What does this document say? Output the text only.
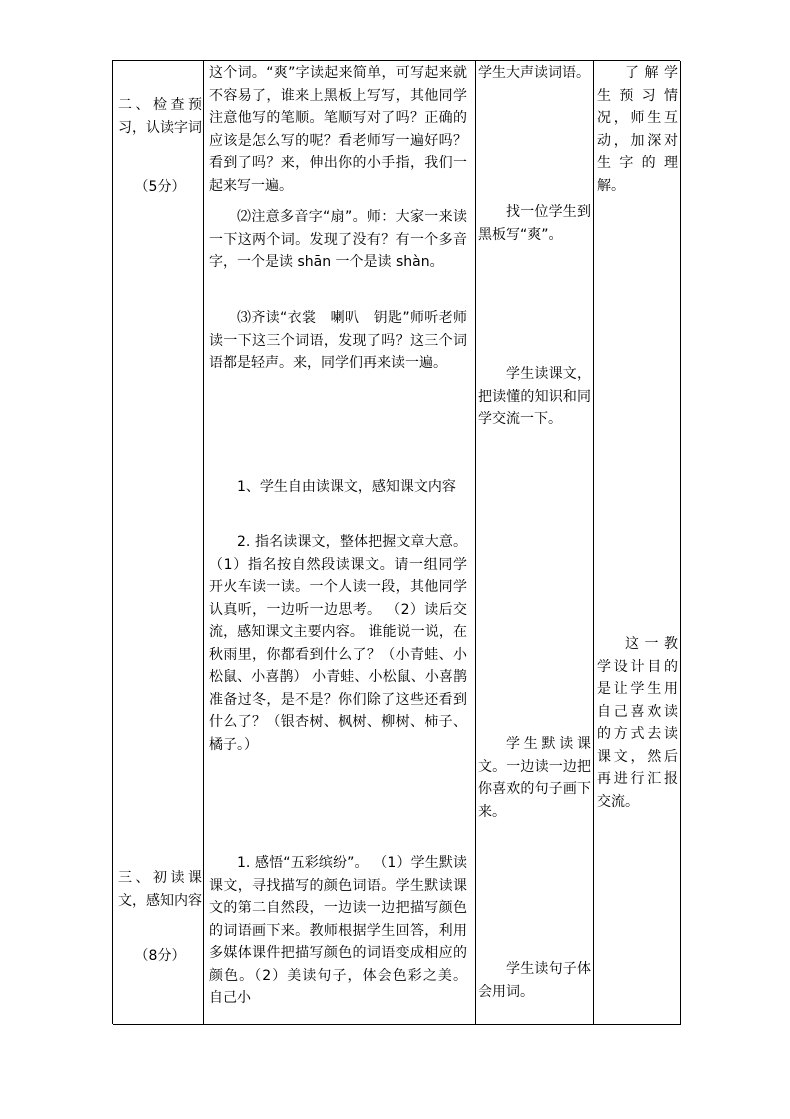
二、检查预习，认读字词
（5分）
三、初读课文，感知内容
（8分）
这个词。“爽”字读起来简单，可写起来就不容易了，谁来上黑板上写写，其他同学注意他写的笔顺。笔顺写对了吗？正确的应该是怎么写的呢？看老师写一遍好吗？看到了吗？来，伸出你的小手指，我们一起来写一遍。
⑵注意多音字“扇”。师：大家一来读一下这两个词。发现了没有？有一个多音字，一个是读 shān 一个是读 shàn。
⑶齐读“衣裳　喇叭　钥匙”师听老师读一下这三个词语，发现了吗？这三个词语都是轻声。来，同学们再来读一遍。
1、学生自由读课文，感知课文内容
2. 指名读课文，整体把握文章大意。 （1）指名按自然段读课文。请一组同学开火车读一读。一个人读一段，其他同学认真听，一边听一边思考。 （2）读后交流，感知课文主要内容。 谁能说一说，在秋雨里，你都看到什么了？（小青蛙、小松鼠、小喜鹊） 小青蛙、小松鼠、小喜鹊准备过冬，是不是？你们除了这些还看到什么了？（银杏树、枫树、柳树、柿子、橘子。）
1. 感悟“五彩缤纷”。 （1）学生默读课文，寻找描写的颜色词语。学生默读课文的第二自然段，一边读一边把描写颜色的词语画下来。教师根据学生回答，利用多媒体课件把描写颜色的词语变成相应的颜色。（2）美读句子，体会色彩之美。 自己小
学生大声读词语。
找一位学生到黑板写“爽”。
学生读课文，把读懂的知识和同学交流一下。
学生默读课文。一边读一边把你喜欢的句子画下来。
学生读句子体会用词。
了解学生预习情况，师生互动，加深对生字的理解。
这一教学设计目的是让学生用自己喜欢读的方式去读课文，然后再进行汇报交流。
